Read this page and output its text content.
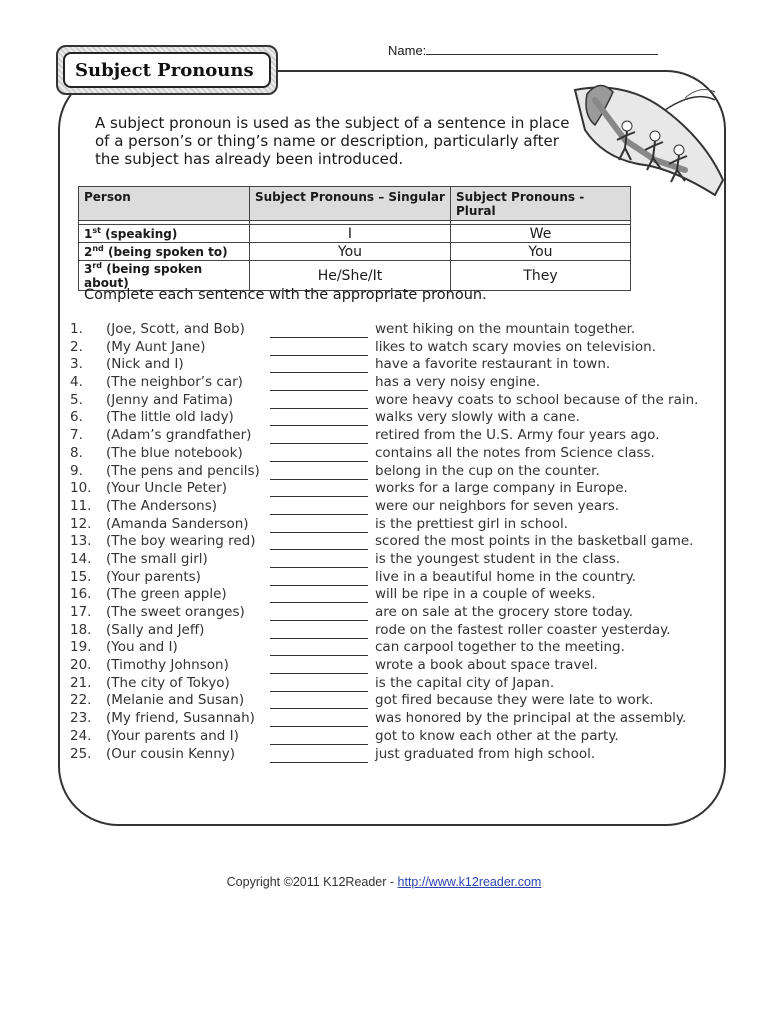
Subject Pronouns
Name:
A subject pronoun is used as the subject of a sentence in place of a person’s or thing’s name or description, particularly after the subject has already been introduced.
Person	Subject Pronouns – Singular	Subject Pronouns - Plural

1st (speaking)	I	We
2nd (being spoken to)	You	You
3rd (being spoken about)	He/She/It	They
Complete each sentence with the appropriate pronoun.
1. (Joe, Scott, and Bob)	went hiking on the mountain together.
2. (My Aunt Jane)	likes to watch scary movies on television.
3. (Nick and I)	have a favorite restaurant in town.
4. (The neighbor’s car)	has a very noisy engine.
5. (Jenny and Fatima)	wore heavy coats to school because of the rain.
6. (The little old lady)	walks very slowly with a cane.
7. (Adam’s grandfather)	retired from the U.S. Army four years ago.
8. (The blue notebook)	contains all the notes from Science class.
9. (The pens and pencils)	belong in the cup on the counter.
10. (Your Uncle Peter)	works for a large company in Europe.
11. (The Andersons)	were our neighbors for seven years.
12. (Amanda Sanderson)	is the prettiest girl in school.
13. (The boy wearing red)	scored the most points in the basketball game.
14. (The small girl)	is the youngest student in the class.
15. (Your parents)	live in a beautiful home in the country.
16. (The green apple)	will be ripe in a couple of weeks.
17. (The sweet oranges)	are on sale at the grocery store today.
18. (Sally and Jeff)	rode on the fastest roller coaster yesterday.
19. (You and I)	can carpool together to the meeting.
20. (Timothy Johnson)	wrote a book about space travel.
21. (The city of Tokyo)	is the capital city of Japan.
22. (Melanie and Susan)	got fired because they were late to work.
23. (My friend, Susannah)	was honored by the principal at the assembly.
24. (Your parents and I)	got to know each other at the party.
25. (Our cousin Kenny)	just graduated from high school.
Copyright ©2011 K12Reader - http://www.k12reader.com
